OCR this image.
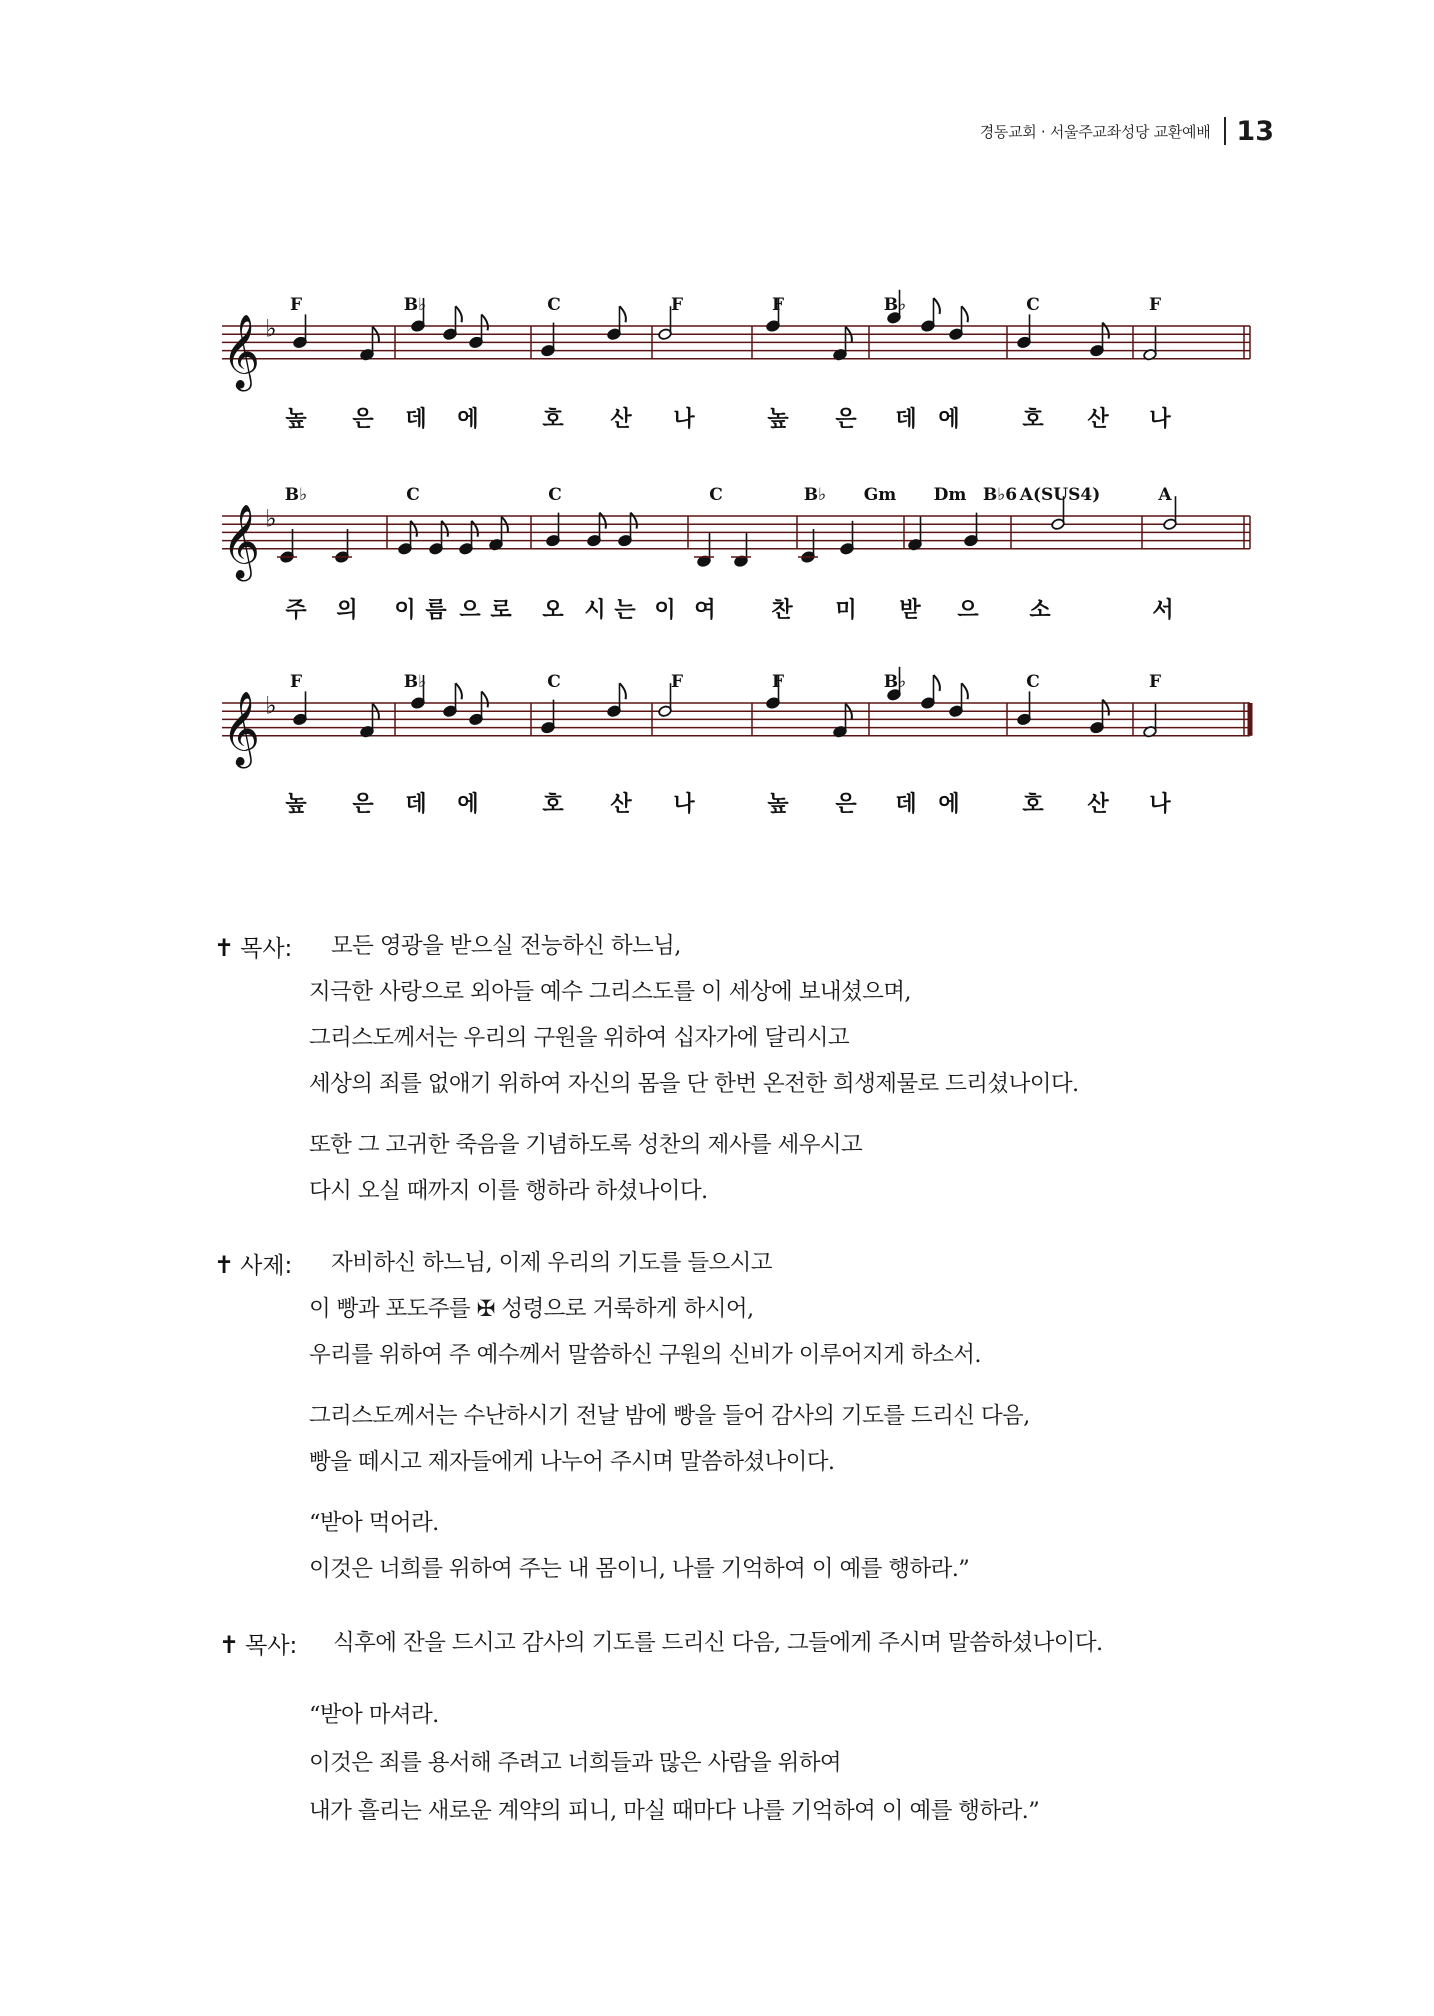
경동교회 · 서울주교좌성당 교환예배 13
𝄞 ♭
F	B♭	C	F	F	B♭	C	F
높 은 데 에	호 산 나	높 은 데 에	호 산 나
𝄞 ♭
B♭	C	C	C	B♭ Gm Dm B♭6 A(SUS4)	A
주 의 이 름 으 로 오 시 는 이 여	찬 미 받 으 소	서
𝄞 ♭
F	B♭	C	F	F	B♭	C	F
높 은 데 에	호 산 나	높 은 데 에	호 산 나
✝ 목사: 모든 영광을 받으실 전능하신 하느님,
지극한 사랑으로 외아들 예수 그리스도를 이 세상에 보내셨으며,
그리스도께서는 우리의 구원을 위하여 십자가에 달리시고
세상의 죄를 없애기 위하여 자신의 몸을 단 한번 온전한 희생제물로 드리셨나이다.
또한 그 고귀한 죽음을 기념하도록 성찬의 제사를 세우시고
다시 오실 때까지 이를 행하라 하셨나이다.
✝ 사제: 자비하신 하느님, 이제 우리의 기도를 들으시고
이 빵과 포도주를 ✠ 성령으로 거룩하게 하시어,
우리를 위하여 주 예수께서 말씀하신 구원의 신비가 이루어지게 하소서.
그리스도께서는 수난하시기 전날 밤에 빵을 들어 감사의 기도를 드리신 다음,
빵을 떼시고 제자들에게 나누어 주시며 말씀하셨나이다.
“받아 먹어라.
이것은 너희를 위하여 주는 내 몸이니, 나를 기억하여 이 예를 행하라.”
✝ 목사: 식후에 잔을 드시고 감사의 기도를 드리신 다음, 그들에게 주시며 말씀하셨나이다.
“받아 마셔라.
이것은 죄를 용서해 주려고 너희들과 많은 사람을 위하여
내가 흘리는 새로운 계약의 피니, 마실 때마다 나를 기억하여 이 예를 행하라.”
